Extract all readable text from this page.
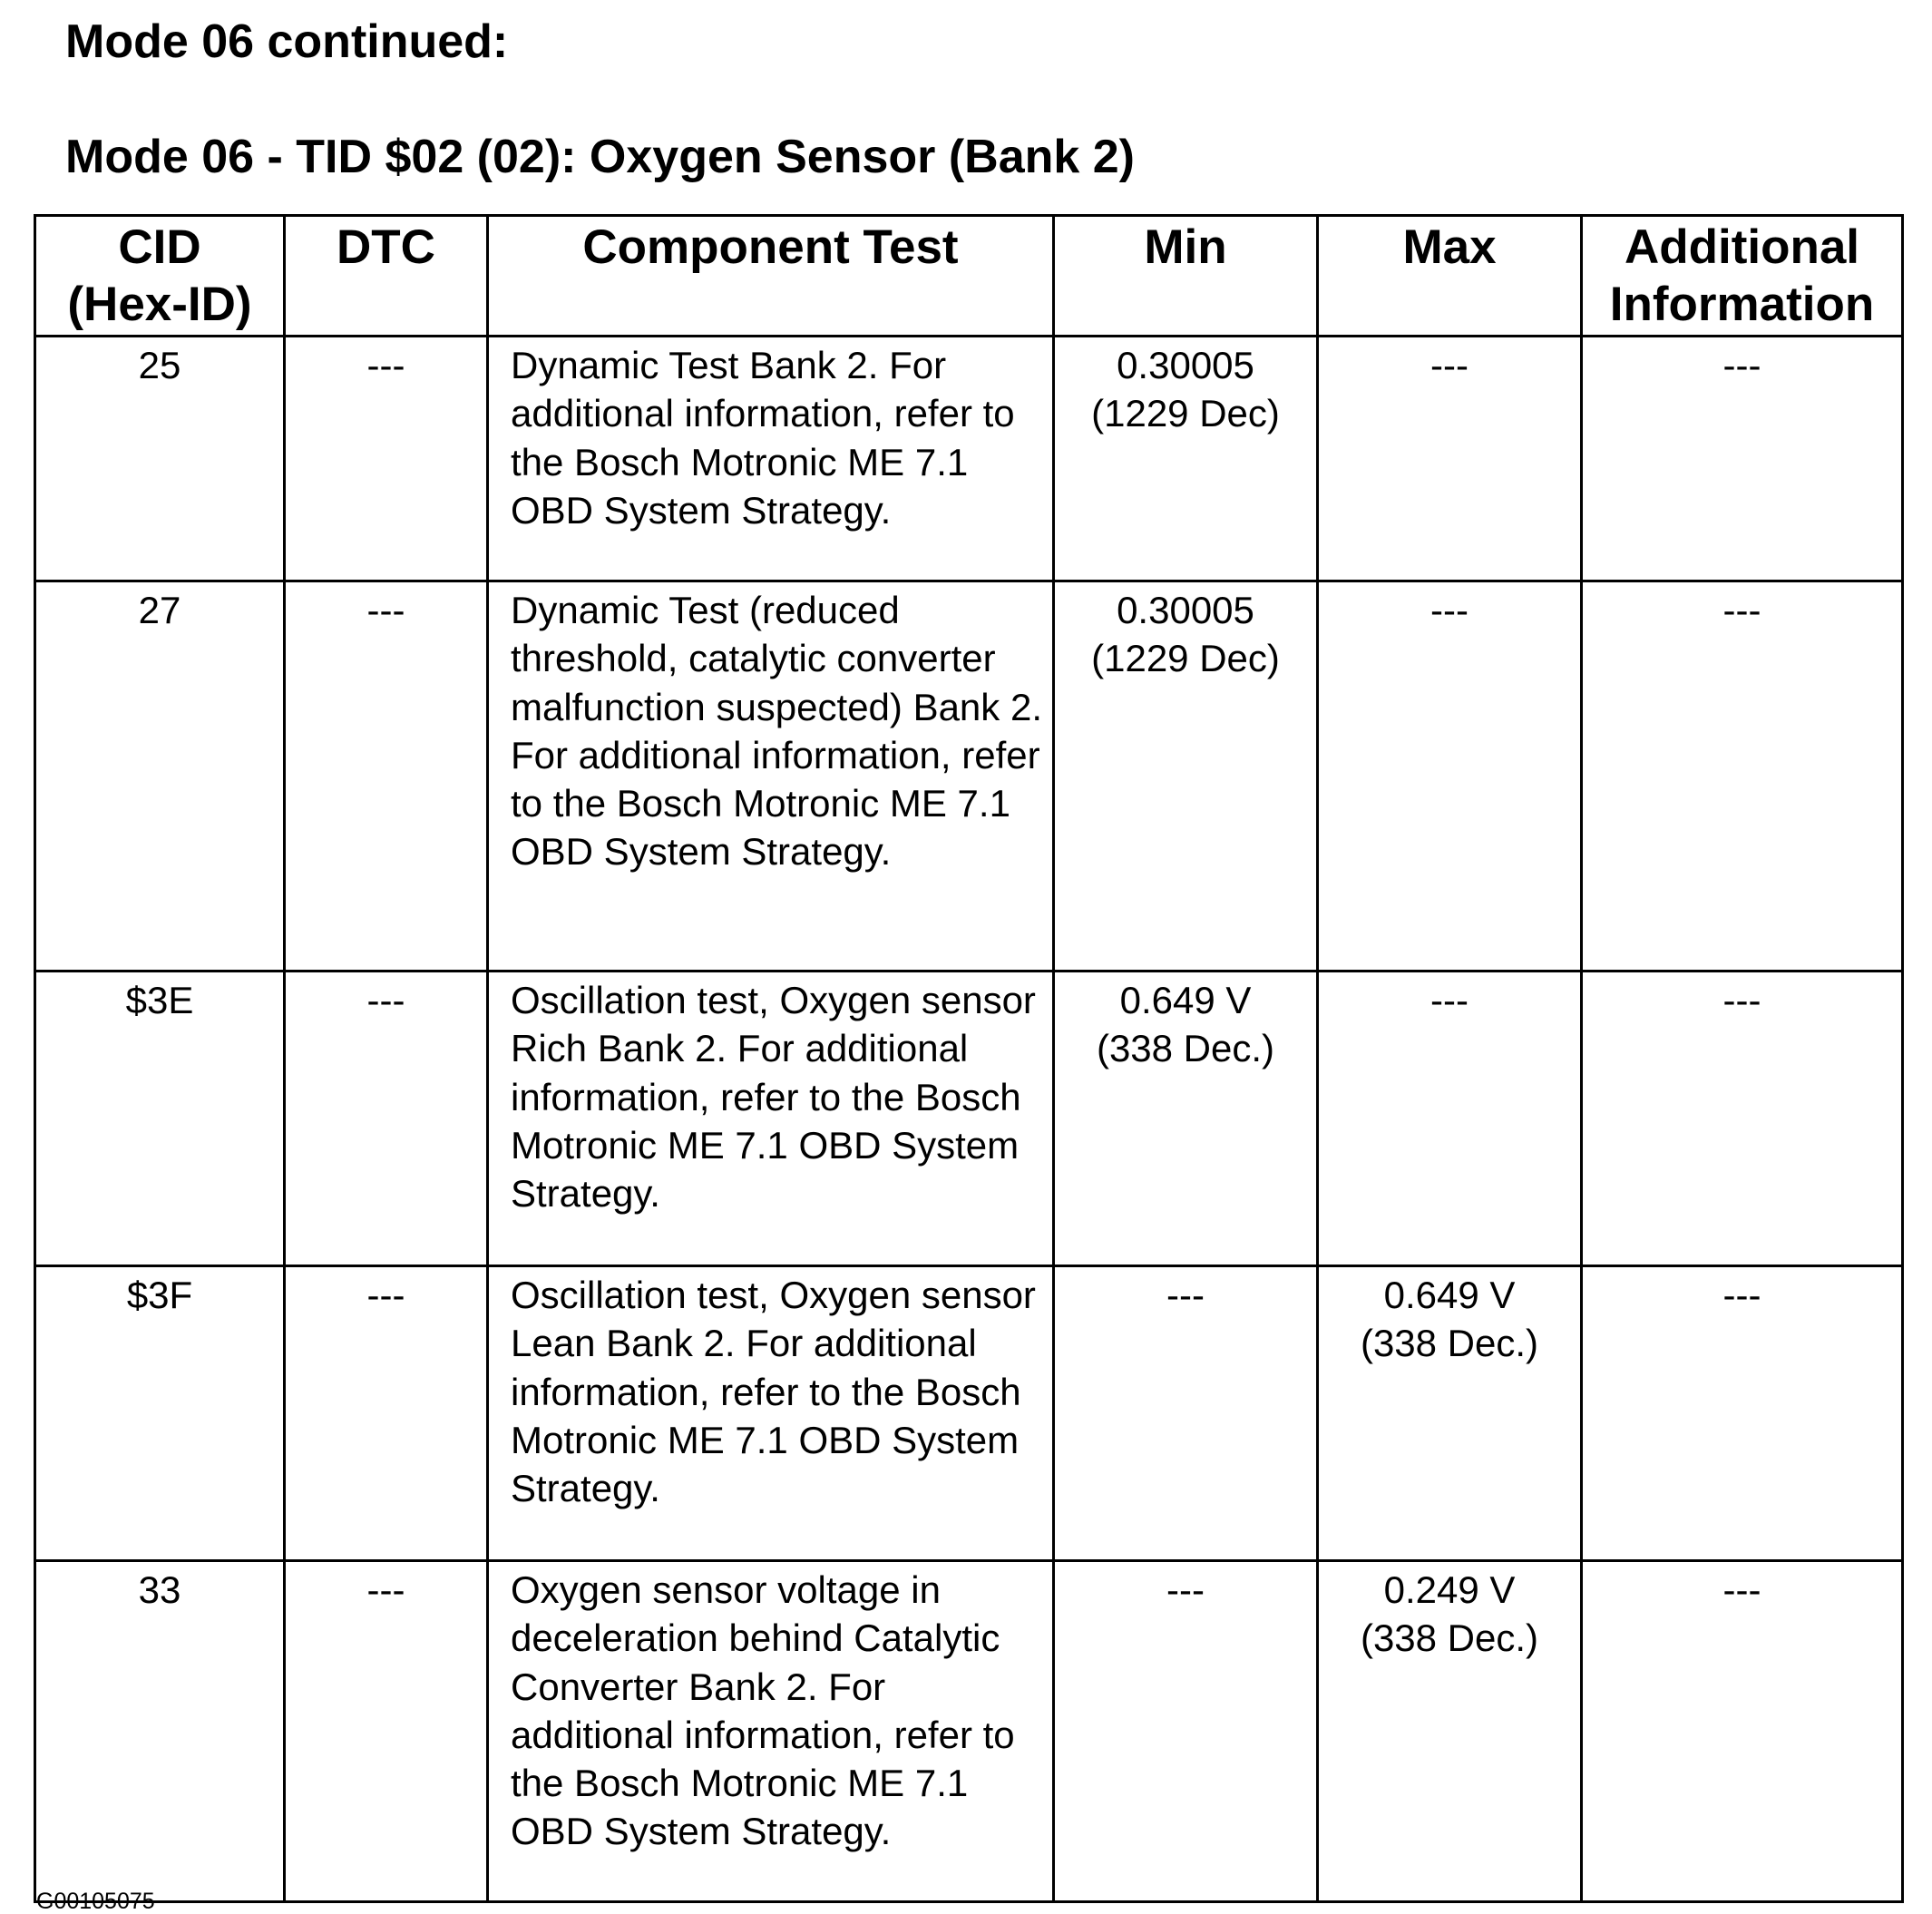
Mode 06 continued:
Mode 06 - TID $02 (02): Oxygen Sensor (Bank 2)
CID
(Hex-ID)	DTC	Component Test	Min	Max	Additional
Information
25	---	Dynamic Test Bank 2. For additional information, refer to the Bosch Motronic ME 7.1 OBD System Strategy.	0.30005
(1229 Dec)	---	---
27	---	Dynamic Test (reduced threshold, catalytic converter malfunction suspected) Bank 2. For additional information, refer to the Bosch Motronic ME 7.1 OBD System Strategy.	0.30005
(1229 Dec)	---	---
$3E	---	Oscillation test, Oxygen sensor Rich Bank 2. For additional information, refer to the Bosch Motronic ME 7.1 OBD System Strategy.	0.649 V
(338 Dec.)	---	---
$3F	---	Oscillation test, Oxygen sensor Lean Bank 2. For additional information, refer to the Bosch Motronic ME 7.1 OBD System Strategy.	---	0.649 V
(338 Dec.)	---
33	---	Oxygen sensor voltage in deceleration behind Catalytic Converter Bank 2. For additional information, refer to the Bosch Motronic ME 7.1 OBD System Strategy.	---	0.249 V
(338 Dec.)	---

G00105075
